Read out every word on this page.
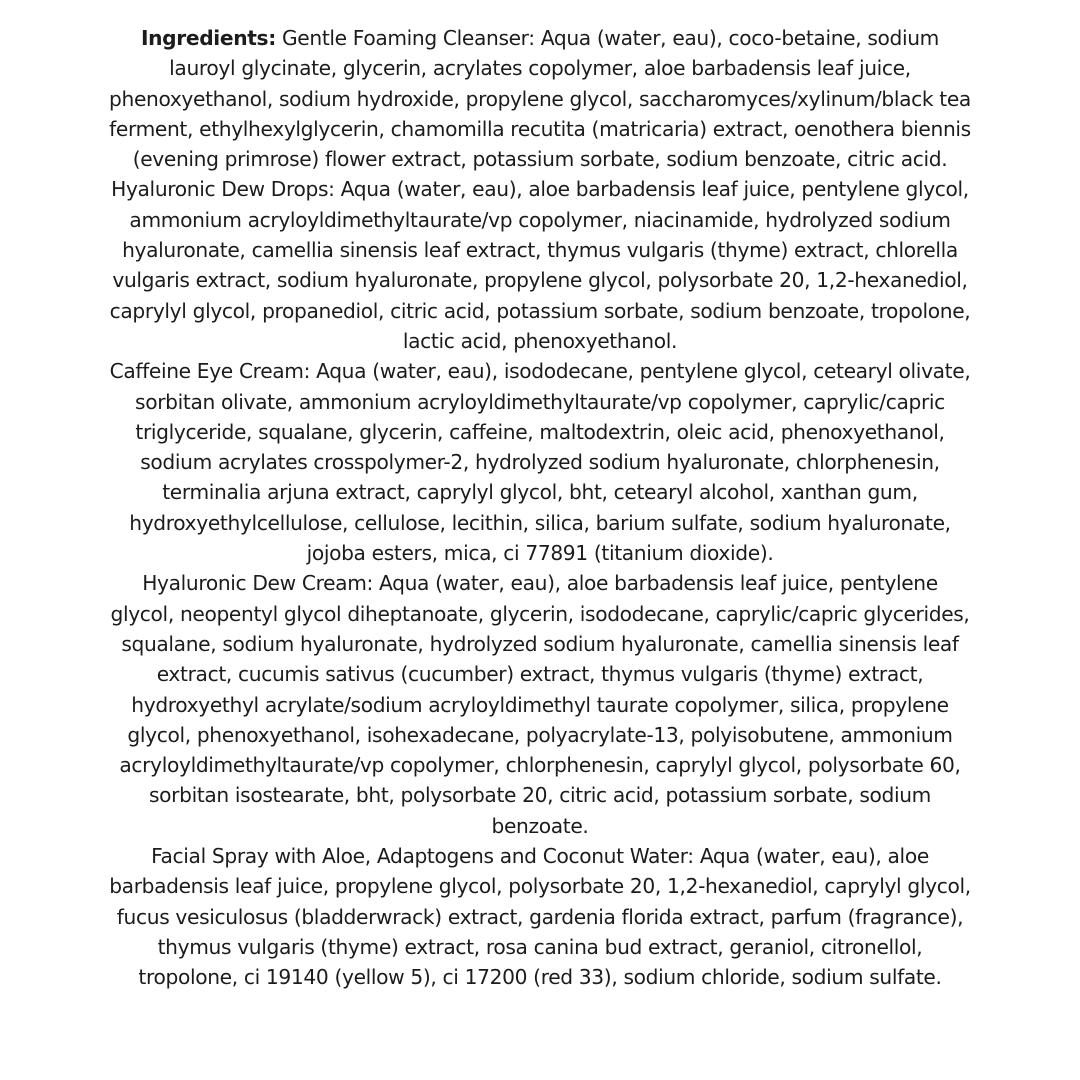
Ingredients: Gentle Foaming Cleanser: Aqua (water, eau), coco-betaine, sodium lauroyl glycinate, glycerin, acrylates copolymer, aloe barbadensis leaf juice, phenoxyethanol, sodium hydroxide, propylene glycol, saccharomyces/xylinum/black tea ferment, ethylhexylglycerin, chamomilla recutita (matricaria) extract, oenothera biennis (evening primrose) flower extract, potassium sorbate, sodium benzoate, citric acid.

Hyaluronic Dew Drops: Aqua (water, eau), aloe barbadensis leaf juice, pentylene glycol, ammonium acryloyldimethyltaurate/vp copolymer, niacinamide, hydrolyzed sodium hyaluronate, camellia sinensis leaf extract, thymus vulgaris (thyme) extract, chlorella vulgaris extract, sodium hyaluronate, propylene glycol, polysorbate 20, 1,2-hexanediol, caprylyl glycol, propanediol, citric acid, potassium sorbate, sodium benzoate, tropolone, lactic acid, phenoxyethanol.

Caffeine Eye Cream: Aqua (water, eau), isododecane, pentylene glycol, cetearyl olivate, sorbitan olivate, ammonium acryloyldimethyltaurate/vp copolymer, caprylic/capric triglyceride, squalane, glycerin, caffeine, maltodextrin, oleic acid, phenoxyethanol, sodium acrylates crosspolymer-2, hydrolyzed sodium hyaluronate, chlorphenesin, terminalia arjuna extract, caprylyl glycol, bht, cetearyl alcohol, xanthan gum, hydroxyethylcellulose, cellulose, lecithin, silica, barium sulfate, sodium hyaluronate, jojoba esters, mica, ci 77891 (titanium dioxide).

Hyaluronic Dew Cream: Aqua (water, eau), aloe barbadensis leaf juice, pentylene glycol, neopentyl glycol diheptanoate, glycerin, isododecane, caprylic/capric glycerides, squalane, sodium hyaluronate, hydrolyzed sodium hyaluronate, camellia sinensis leaf extract, cucumis sativus (cucumber) extract, thymus vulgaris (thyme) extract, hydroxyethyl acrylate/sodium acryloyldimethyl taurate copolymer, silica, propylene glycol, phenoxyethanol, isohexadecane, polyacrylate-13, polyisobutene, ammonium acryloyldimethyltaurate/vp copolymer, chlorphenesin, caprylyl glycol, polysorbate 60, sorbitan isostearate, bht, polysorbate 20, citric acid, potassium sorbate, sodium benzoate.

Facial Spray with Aloe, Adaptogens and Coconut Water: Aqua (water, eau), aloe barbadensis leaf juice, propylene glycol, polysorbate 20, 1,2-hexanediol, caprylyl glycol, fucus vesiculosus (bladderwrack) extract, gardenia florida extract, parfum (fragrance), thymus vulgaris (thyme) extract, rosa canina bud extract, geraniol, citronellol, tropolone, ci 19140 (yellow 5), ci 17200 (red 33), sodium chloride, sodium sulfate.
